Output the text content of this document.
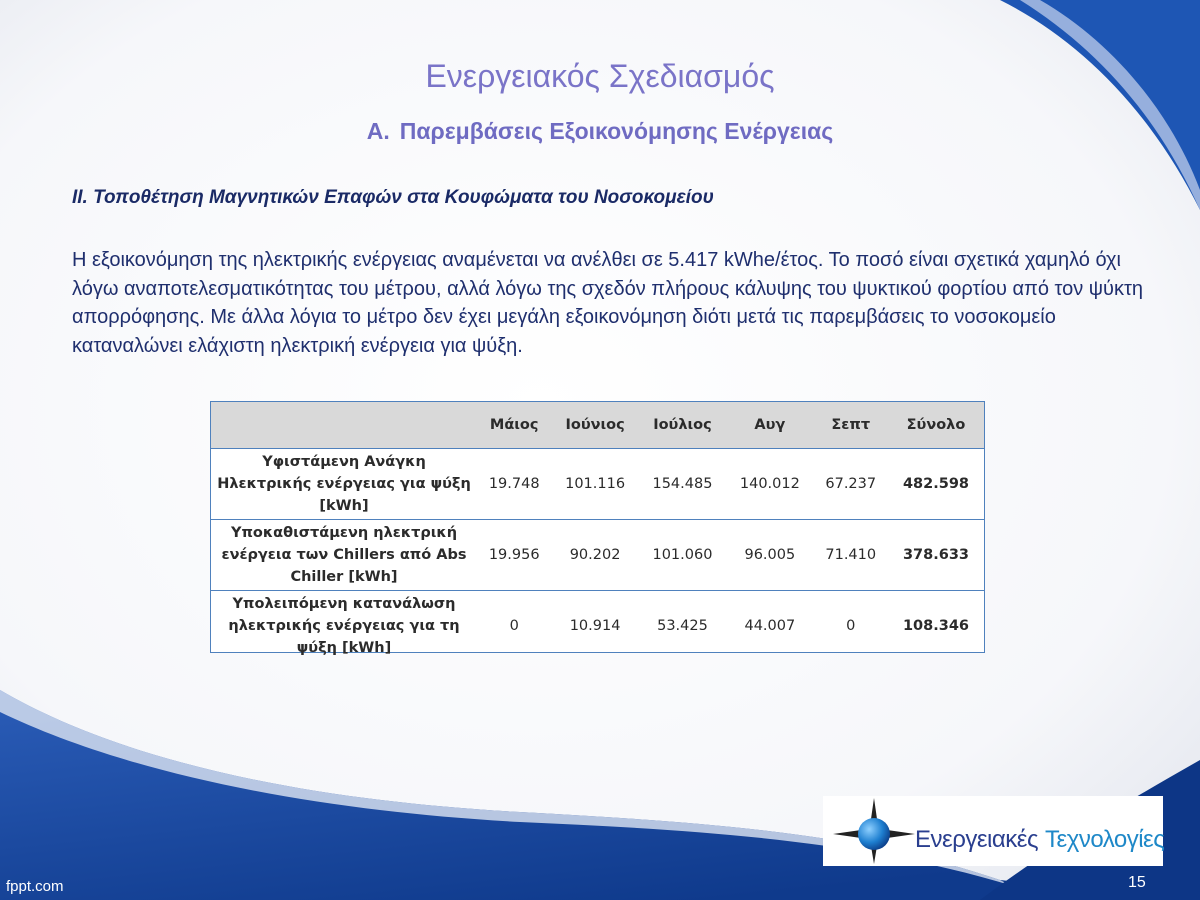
Ενεργειακός Σχεδιασμός
A. Παρεμβάσεις Εξοικονόμησης Ενέργειας
II. Τοποθέτηση Μαγνητικών Επαφών στα Κουφώματα του Νοσοκομείου
Η εξοικονόμηση της ηλεκτρικής ενέργειας αναμένεται να ανέλθει σε 5.417 kWhe/έτος. Το ποσό είναι σχετικά χαμηλό όχι λόγω αναποτελεσματικότητας του μέτρου, αλλά λόγω της σχεδόν πλήρους κάλυψης του ψυκτικού φορτίου από τον ψύκτη απορρόφησης. Με άλλα λόγια το μέτρο δεν έχει μεγάλη εξοικονόμηση διότι μετά τις παρεμβάσεις το νοσοκομείο καταναλώνει ελάχιστη ηλεκτρική ενέργεια για ψύξη.
	Μάιος	Ιούνιος	Ιούλιος	Αυγ	Σεπτ	Σύνολο
Υφιστάμενη Ανάγκη Ηλεκτρικής ενέργειας για ψύξη [kWh]	19.748	101.116	154.485	140.012	67.237	482.598
Υποκαθιστάμενη ηλεκτρική ενέργεια των Chillers από Abs Chiller [kWh]	19.956	90.202	101.060	96.005	71.410	378.633
Υπολειπόμενη κατανάλωση ηλεκτρικής ενέργειας για τη ψύξη [kWh]	0	10.914	53.425	44.007	0	108.346
Ενεργειακές Τεχνολογίες
15
fppt.com
